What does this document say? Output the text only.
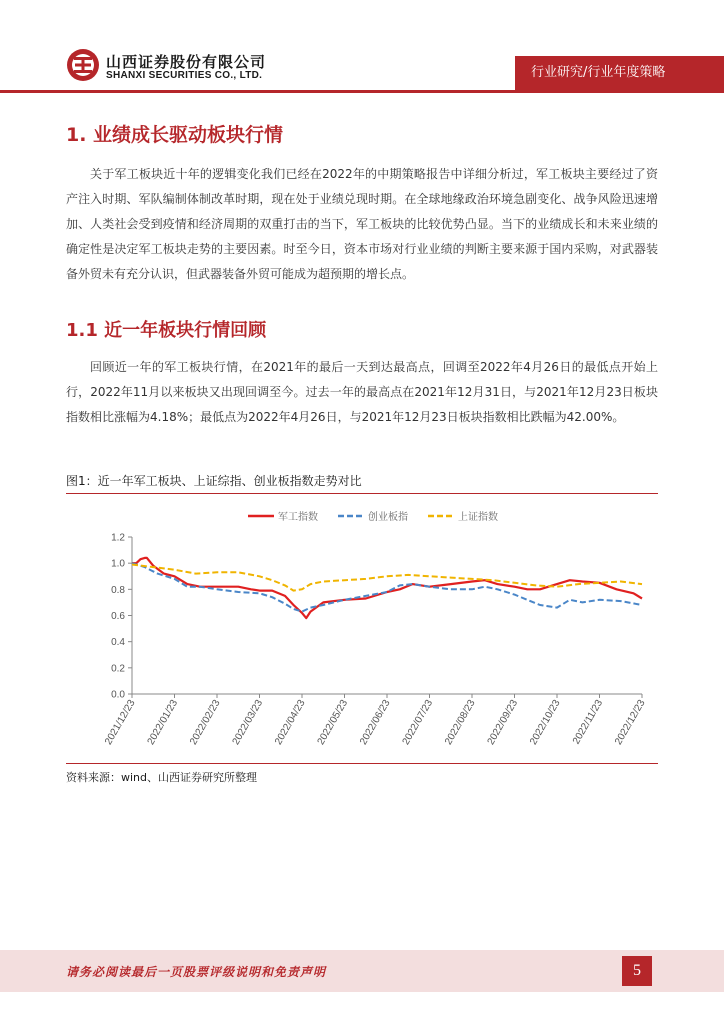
山西证券股份有限公司
SHANXI SECURITIES CO., LTD.	行业研究/行业年度策略
1. 业绩成长驱动板块行情

关于军工板块近十年的逻辑变化我们已经在2022年的中期策略报告中详细分析过，军工板块主要经过了资产注入时期、军队编制体制改革时期，现在处于业绩兑现时期。在全球地缘政治环境急剧变化、战争风险迅速增加、人类社会受到疫情和经济周期的双重打击的当下，军工板块的比较优势凸显。当下的业绩成长和未来业绩的确定性是决定军工板块走势的主要因素。时至今日，资本市场对行业业绩的判断主要来源于国内采购，对武器装备外贸未有充分认识，但武器装备外贸可能成为超预期的增长点。

1.1 近一年板块行情回顾

回顾近一年的军工板块行情，在2021年的最后一天到达最高点，回调至2022年4月26日的最低点开始上行，2022年11月以来板块又出现回调至今。过去一年的最高点在2021年12月31日，与2021年12月23日板块指数相比涨幅为4.18%；最低点为2022年4月26日，与2021年12月23日板块指数相比跌幅为42.00%。

图1：近一年军工板块、上证综指、创业板指数走势对比
军工指数	创业板指	上证指数
0.0
0.2
0.4
0.6
0.8
1.0
1.2
2021/12/23 2022/01/23 2022/02/23 2022/03/23 2022/04/23 2022/05/23 2022/06/23 2022/07/23 2022/08/23 2022/09/23 2022/10/23 2022/11/23 2022/12/23
资料来源：wind、山西证券研究所整理
请务必阅读最后一页股票评级说明和免责声明	5
